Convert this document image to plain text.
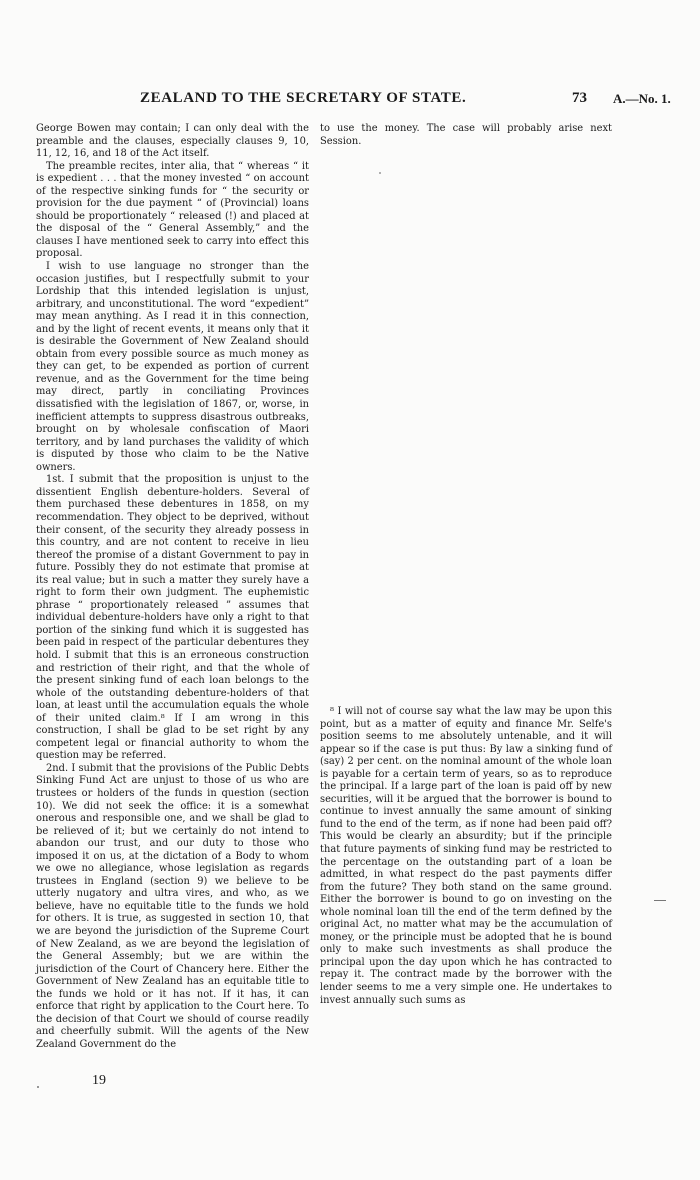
ZEALAND TO THE SECRETARY OF STATE.	73 A.—No. 1.

George Bowen may contain; I can only deal with the preamble and the clauses, especially clauses 9, 10, 11, 12, 16, and 18 of the Act itself.

The preamble recites, inter alia, that “ whereas “ it is expedient . . . that the money invested “ on account of the respective sinking funds for “ the security or provision for the due payment “ of (Provincial) loans should be proportionately “ released (!) and placed at the disposal of the “ General Assembly,” and the clauses I have mentioned seek to carry into effect this proposal.

I wish to use language no stronger than the occasion justifies, but I respectfully submit to your Lordship that this intended legislation is unjust, arbitrary, and unconstitutional. The word “expedient” may mean anything. As I read it in this connection, and by the light of recent events, it means only that it is desirable the Government of New Zealand should obtain from every possible source as much money as they can get, to be expended as portion of current revenue, and as the Government for the time being may direct, partly in conciliating Provinces dissatisfied with the legislation of 1867, or, worse, in inefficient attempts to suppress disastrous outbreaks, brought on by wholesale confiscation of Maori territory, and by land purchases the validity of which is disputed by those who claim to be the Native owners.

1st. I submit that the proposition is unjust to the dissentient English debenture-holders. Several of them purchased these debentures in 1858, on my recommendation. They object to be deprived, without their consent, of the security they already possess in this country, and are not content to receive in lieu thereof the promise of a distant Government to pay in future. Possibly they do not estimate that promise at its real value; but in such a matter they surely have a right to form their own judgment. The euphemistic phrase “ proportionately released ” assumes that individual debenture-holders have only a right to that portion of the sinking fund which it is suggested has been paid in respect of the particular debentures they hold. I submit that this is an erroneous construction and restriction of their right, and that the whole of the present sinking fund of each loan belongs to the whole of the outstanding debenture-holders of that loan, at least until the accumulation equals the whole of their united claim.⁸ If I am wrong in this construction, I shall be glad to be set right by any competent legal or financial authority to whom the question may be referred.

2nd. I submit that the provisions of the Public Debts Sinking Fund Act are unjust to those of us who are trustees or holders of the funds in question (section 10). We did not seek the office: it is a somewhat onerous and responsible one, and we shall be glad to be relieved of it; but we certainly do not intend to abandon our trust, and our duty to those who imposed it on us, at the dictation of a Body to whom we owe no allegiance, whose legislation as regards trustees in England (section 9) we believe to be utterly nugatory and ultra vires, and who, as we believe, have no equitable title to the funds we hold for others. It is true, as suggested in section 10, that we are beyond the jurisdiction of the Supreme Court of New Zealand, as we are beyond the legislation of the General Assembly; but we are within the jurisdiction of the Court of Chancery here. Either the Government of New Zealand has an equitable title to the funds we hold or it has not. If it has, it can enforce that right by application to the Court here. To the decision of that Court we should of course readily and cheerfully submit. Will the agents of the New Zealand Government do the

to use the money. The case will probably arise next Session.

⁸ I will not of course say what the law may be upon this point, but as a matter of equity and finance Mr. Selfe's position seems to me absolutely untenable, and it will appear so if the case is put thus: By law a sinking fund of (say) 2 per cent. on the nominal amount of the whole loan is payable for a certain term of years, so as to reproduce the principal. If a large part of the loan is paid off by new securities, will it be argued that the borrower is bound to continue to invest annually the same amount of sinking fund to the end of the term, as if none had been paid off? This would be clearly an absurdity; but if the principle that future payments of sinking fund may be restricted to the percentage on the outstanding part of a loan be admitted, in what respect do the past payments differ from the future? They both stand on the same ground. Either the borrower is bound to go on investing on the whole nominal loan till the end of the term defined by the original Act, no matter what may be the accumulation of money, or the principle must be adopted that he is bound only to make such investments as shall produce the principal upon the day upon which he has contracted to repay it. The contract made by the borrower with the lender seems to me a very simple one. He undertakes to invest annually such sums as

19
